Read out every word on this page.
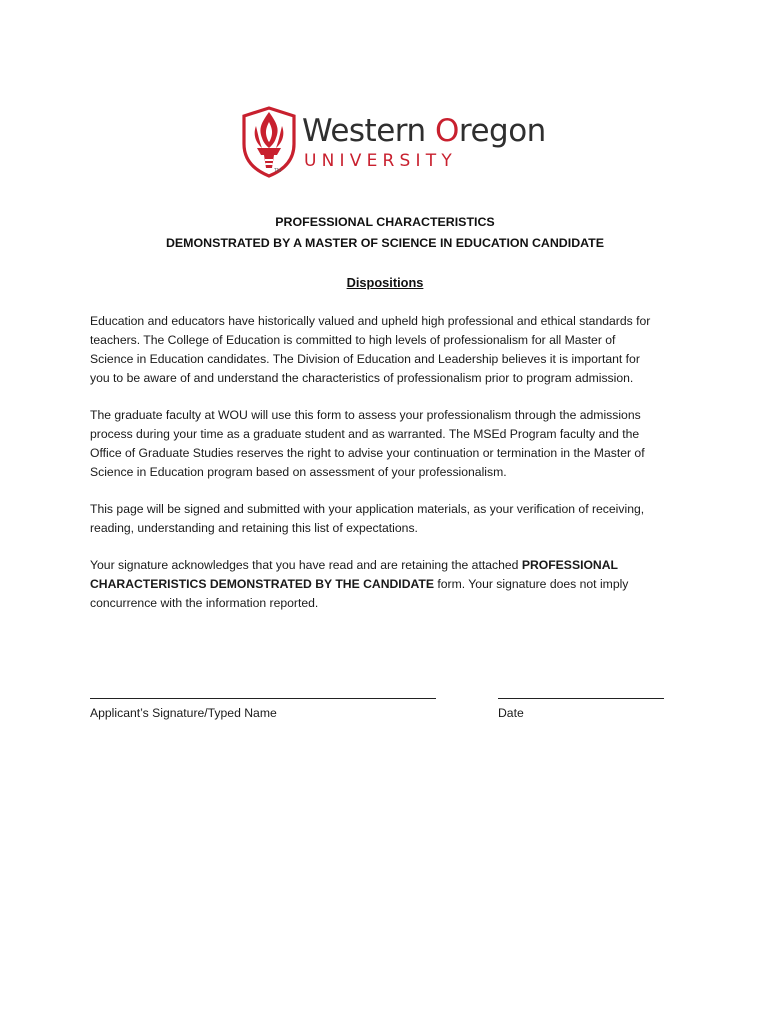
TM
Western Oregon
UNIVERSITY
PROFESSIONAL CHARACTERISTICS
DEMONSTRATED BY A MASTER OF SCIENCE IN EDUCATION CANDIDATE
Dispositions
Education and educators have historically valued and upheld high professional and ethical standards for
teachers. The College of Education is committed to high levels of professionalism for all Master of
Science in Education candidates. The Division of Education and Leadership believes it is important for
you to be aware of and understand the characteristics of professionalism prior to program admission.
The graduate faculty at WOU will use this form to assess your professionalism through the admissions
process during your time as a graduate student and as warranted. The MSEd Program faculty and the
Office of Graduate Studies reserves the right to advise your continuation or termination in the Master of
Science in Education program based on assessment of your professionalism.
This page will be signed and submitted with your application materials, as your verification of receiving,
reading, understanding and retaining this list of expectations.
Your signature acknowledges that you have read and are retaining the attached PROFESSIONAL
CHARACTERISTICS DEMONSTRATED BY THE CANDIDATE form. Your signature does not imply
concurrence with the information reported.
Applicant’s Signature/Typed Name	Date
